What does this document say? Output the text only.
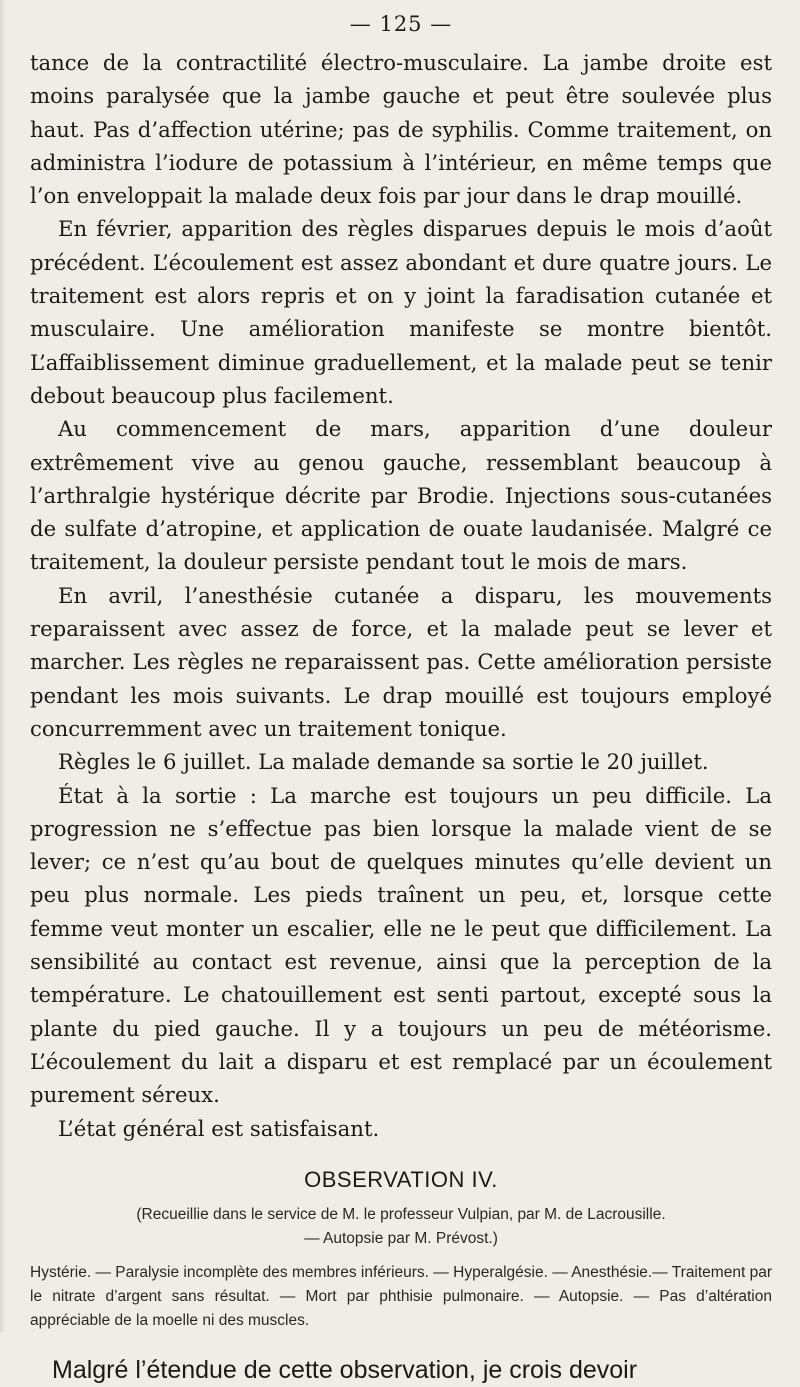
— 125 —

tance de la contractilité électro-musculaire. La jambe droite est moins paralysée que la jambe gauche et peut être soulevée plus haut. Pas d’affection utérine; pas de syphilis. Comme traitement, on administra l’iodure de potassium à l’intérieur, en même temps que l’on enveloppait la malade deux fois par jour dans le drap mouillé.

En février, apparition des règles disparues depuis le mois d’août précédent. L’écoulement est assez abondant et dure quatre jours. Le traitement est alors repris et on y joint la faradisation cutanée et musculaire. Une amélioration manifeste se montre bientôt. L’affaiblissement diminue graduellement, et la malade peut se tenir debout beaucoup plus facilement.

Au commencement de mars, apparition d’une douleur extrêmement vive au genou gauche, ressemblant beaucoup à l’arthralgie hystérique décrite par Brodie. Injections sous-cutanées de sulfate d’atropine, et application de ouate laudanisée. Malgré ce traitement, la douleur persiste pendant tout le mois de mars.

En avril, l’anesthésie cutanée a disparu, les mouvements reparaissent avec assez de force, et la malade peut se lever et marcher. Les règles ne reparaissent pas. Cette amélioration persiste pendant les mois suivants. Le drap mouillé est toujours employé concurremment avec un traitement tonique.

Règles le 6 juillet. La malade demande sa sortie le 20 juillet.

État à la sortie : La marche est toujours un peu difficile. La progression ne s’effectue pas bien lorsque la malade vient de se lever; ce n’est qu’au bout de quelques minutes qu’elle devient un peu plus normale. Les pieds traînent un peu, et, lorsque cette femme veut monter un escalier, elle ne le peut que difficilement. La sensibilité au contact est revenue, ainsi que la perception de la température. Le chatouillement est senti partout, excepté sous la plante du pied gauche. Il y a toujours un peu de météorisme. L’écoulement du lait a disparu et est remplacé par un écoulement purement séreux.

L’état général est satisfaisant.

OBSERVATION IV.
(Recueillie dans le service de M. le professeur Vulpian, par M. de Lacrousille.
— Autopsie par M. Prévost.)
Hystérie. — Paralysie incomplète des membres inférieurs. — Hyperalgésie. — Anesthésie.— Traitement par le nitrate d’argent sans résultat. — Mort par phthisie pulmonaire. — Autopsie. — Pas d’altération appréciable de la moelle ni des muscles.
Malgré l’étendue de cette observation, je crois devoir
